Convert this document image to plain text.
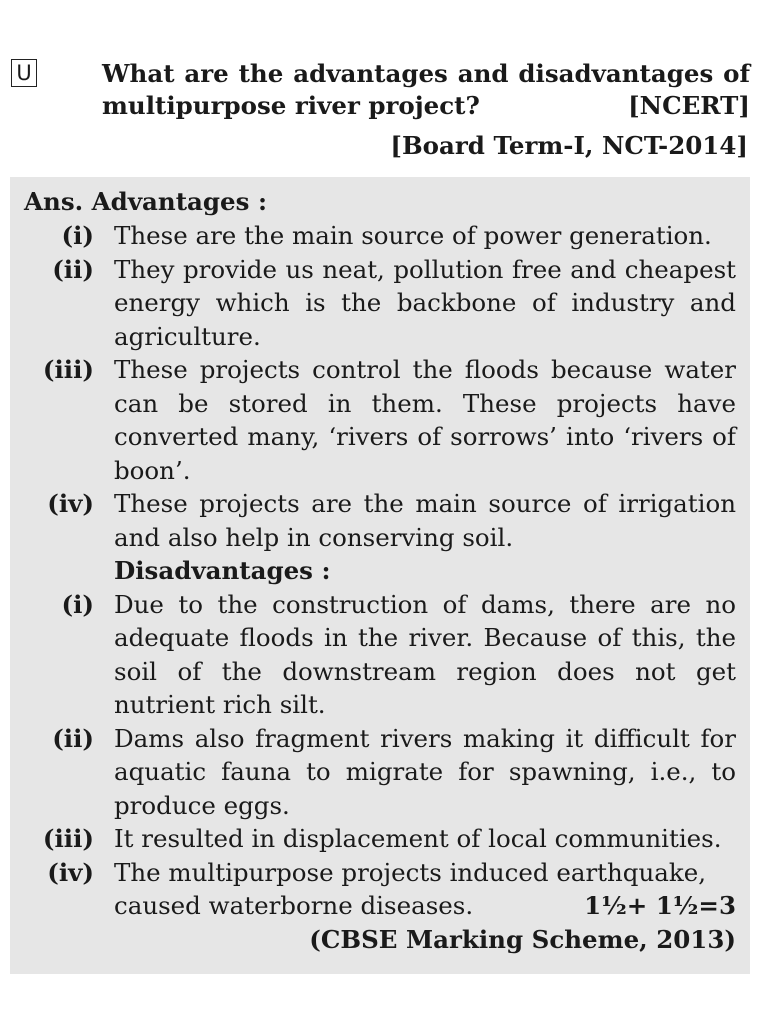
U	What are the advantages and disadvantages of
multipurpose river project?	[NCERT]
[Board Term-I, NCT-2014]
Ans. Advantages :
(i) These are the main source of power generation.
(ii) They provide us neat, pollution free and cheapest energy which is the backbone of industry and agriculture.
(iii) These projects control the floods because water can be stored in them. These projects have converted many, ‘rivers of sorrows’ into ‘rivers of boon’.
(iv) These projects are the main source of irrigation and also help in conserving soil.
Disadvantages :
(i) Due to the construction of dams, there are no adequate floods in the river. Because of this, the soil of the downstream region does not get nutrient rich silt.
(ii) Dams also fragment rivers making it difficult for aquatic fauna to migrate for spawning, i.e., to produce eggs.
(iii) It resulted in displacement of local communities.
(iv) The multipurpose projects induced earthquake,
caused waterborne diseases.	1½+ 1½=3
(CBSE Marking Scheme, 2013)
